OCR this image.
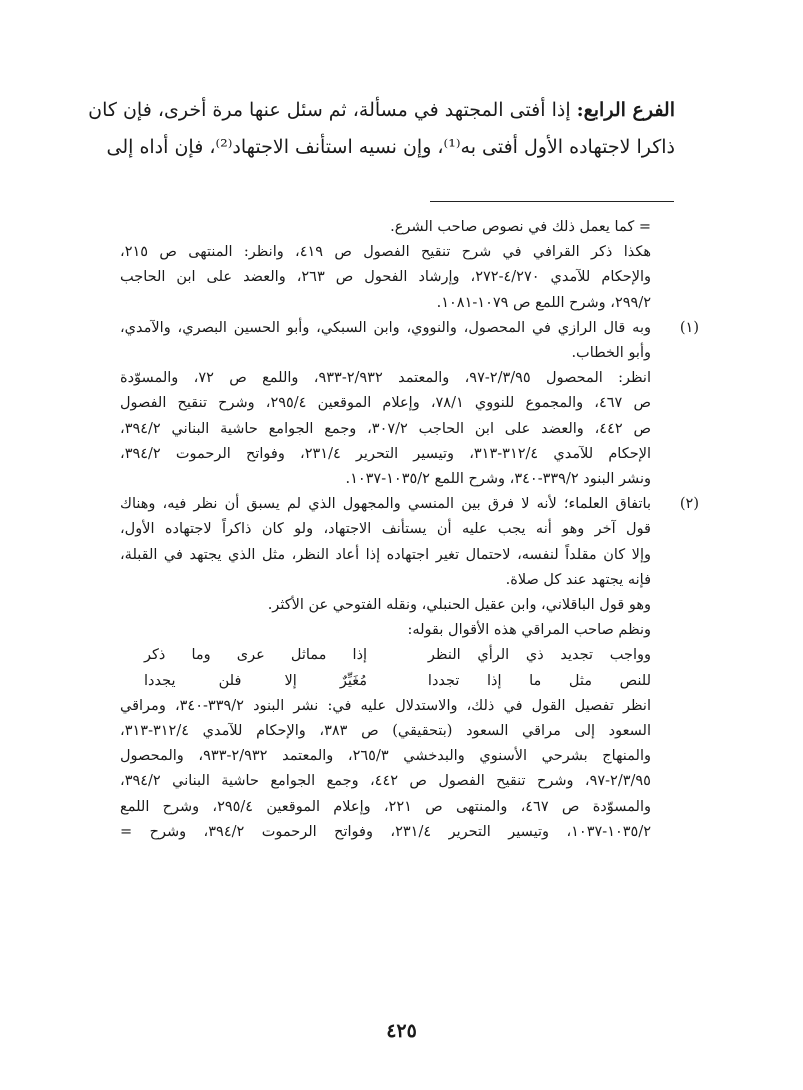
الفرع الرابع: إذا أفتى المجتهد في مسألة، ثم سئل عنها مرة أخرى، فإن كان
ذاكرا لاجتهاده الأول أفتى به⁽¹⁾، وإن نسيه استأنف الاجتهاد⁽²⁾، فإن أداه إلى
= كما يعمل ذلك في نصوص صاحب الشرع.
هكذا ذكر القرافي في شرح تنقيح الفصول ص ٤١٩، وانظر: المنتهى ص ٢١٥،
والإحكام للآمدي ٤/٢٧٠-٢٧٢، وإرشاد الفحول ص ٢٦٣، والعضد على ابن الحاجب
٢٩٩/٢، وشرح اللمع ص ١٠٧٩-١٠٨١.
(١)
وبه قال الرازي في المحصول، والنووي، وابن السبكي، وأبو الحسين البصري، والآمدي،
وأبو الخطاب.
انظر: المحصول ٢/٣/٩٥-٩٧، والمعتمد ٢/٩٣٢-٩٣٣، واللمع ص ٧٢، والمسوّدة
ص ٤٦٧، والمجموع للنووي ٧٨/١، وإعلام الموقعين ٢٩٥/٤، وشرح تنقيح الفصول
ص ٤٤٢، والعضد على ابن الحاجب ٣٠٧/٢، وجمع الجوامع حاشية البناني ٣٩٤/٢،
الإحكام للآمدي ٣١٢/٤-٣١٣، وتيسير التحرير ٢٣١/٤، وفواتح الرحموت ٣٩٤/٢،
ونشر البنود ٣٣٩/٢-٣٤٠، وشرح اللمع ١٠٣٥/٢-١٠٣٧.
(٢)
باتفاق العلماء؛ لأنه لا فرق بين المنسي والمجهول الذي لم يسبق أن نظر فيه، وهناك
قول آخر وهو أنه يجب عليه أن يستأنف الاجتهاد، ولو كان ذاكراً لاجتهاده الأول،
وإلا كان مقلداً لنفسه، لاحتمال تغير اجتهاده إذا أعاد النظر، مثل الذي يجتهد في القبلة،
فإنه يجتهد عند كل صلاة.
وهو قول الباقلاني، وابن عقيل الحنبلي، ونقله الفتوحي عن الأكثر.
ونظم صاحب المراقي هذه الأقوال بقوله:
وواجب تجديد ذي الرأي النظر
إذا مماثل عرى وما ذكر
للنص مثل ما إذا تجددا
مُغَيِّرٌ إلا فلن يجددا
انظر تفصيل القول في ذلك، والاستدلال عليه في: نشر البنود ٣٣٩/٢-٣٤٠، ومراقي
السعود إلى مراقي السعود (بتحقيقي) ص ٣٨٣، والإحكام للآمدي ٣١٢/٤-٣١٣،
والمنهاج بشرحي الأسنوي والبدخشي ٢٦٥/٣، والمعتمد ٢/٩٣٢-٩٣٣، والمحصول
٢/٣/٩٥-٩٧، وشرح تنقيح الفصول ص ٤٤٢، وجمع الجوامع حاشية البناني ٣٩٤/٢،
والمسوّدة ص ٤٦٧، والمنتهى ص ٢٢١، وإعلام الموقعين ٢٩٥/٤، وشرح اللمع
١٠٣٥/٢-١٠٣٧، وتيسير التحرير ٢٣١/٤، وفواتح الرحموت ٣٩٤/٢، وشرح =
٤٢٥
